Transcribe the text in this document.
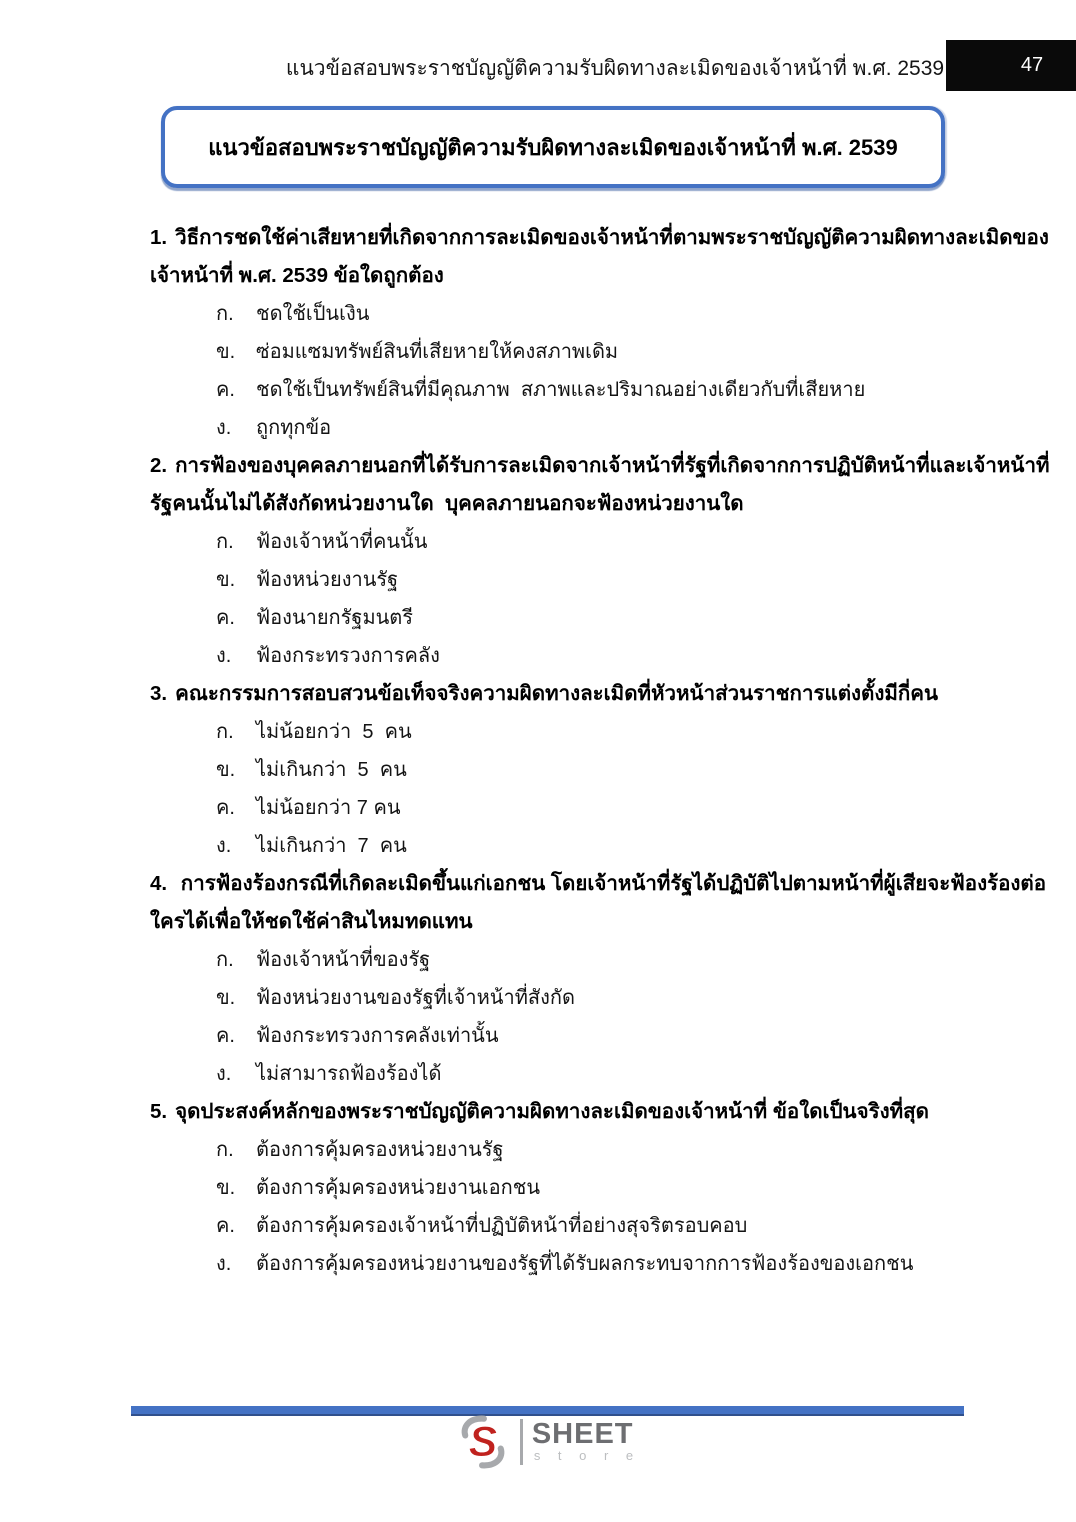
แนวข้อสอบพระราชบัญญัติความรับผิดทางละเมิดของเจ้าหน้าที่ พ.ศ. 2539	47
แนวข้อสอบพระราชบัญญัติความรับผิดทางละเมิดของเจ้าหน้าที่ พ.ศ. 2539
1. วิธีการชดใช้ค่าเสียหายที่เกิดจากการละเมิดของเจ้าหน้าที่ตามพระราชบัญญัติความผิดทางละเมิดของ
เจ้าหน้าที่ พ.ศ. 2539 ข้อใดถูกต้อง
ก.	ชดใช้เป็นเงิน
ข.	ซ่อมแซมทรัพย์สินที่เสียหายให้คงสภาพเดิม
ค.	ชดใช้เป็นทรัพย์สินที่มีคุณภาพ  สภาพและปริมาณอย่างเดียวกับที่เสียหาย
ง.	ถูกทุกข้อ
2. การฟ้องของบุคคลภายนอกที่ได้รับการละเมิดจากเจ้าหน้าที่รัฐที่เกิดจากการปฏิบัติหน้าที่และเจ้าหน้าที่
รัฐคนนั้นไม่ได้สังกัดหน่วยงานใด  บุคคลภายนอกจะฟ้องหน่วยงานใด
ก.	ฟ้องเจ้าหน้าที่คนนั้น
ข.	ฟ้องหน่วยงานรัฐ
ค.	ฟ้องนายกรัฐมนตรี
ง.	ฟ้องกระทรวงการคลัง
3. คณะกรรมการสอบสวนข้อเท็จจริงความผิดทางละเมิดที่หัวหน้าส่วนราชการแต่งตั้งมีกี่คน
ก.	ไม่น้อยกว่า  5  คน
ข.	ไม่เกินกว่า  5  คน
ค.	ไม่น้อยกว่า 7 คน
ง.	ไม่เกินกว่า  7  คน
4. การฟ้องร้องกรณีที่เกิดละเมิดขึ้นแก่เอกชน โดยเจ้าหน้าที่รัฐได้ปฏิบัติไปตามหน้าที่ผู้เสียจะฟ้องร้องต่อ
ใครได้เพื่อให้ชดใช้ค่าสินไหมทดแทน
ก.	ฟ้องเจ้าหน้าที่ของรัฐ
ข.	ฟ้องหน่วยงานของรัฐที่เจ้าหน้าที่สังกัด
ค.	ฟ้องกระทรวงการคลังเท่านั้น
ง.	ไม่สามารถฟ้องร้องได้
5. จุดประสงค์หลักของพระราชบัญญัติความผิดทางละเมิดของเจ้าหน้าที่ ข้อใดเป็นจริงที่สุด
ก.	ต้องการคุ้มครองหน่วยงานรัฐ
ข.	ต้องการคุ้มครองหน่วยงานเอกชน
ค.	ต้องการคุ้มครองเจ้าหน้าที่ปฏิบัติหน้าที่อย่างสุจริตรอบคอบ
ง.	ต้องการคุ้มครองหน่วยงานของรัฐที่ได้รับผลกระทบจากการฟ้องร้องของเอกชน
S SHEET
s t o r e
